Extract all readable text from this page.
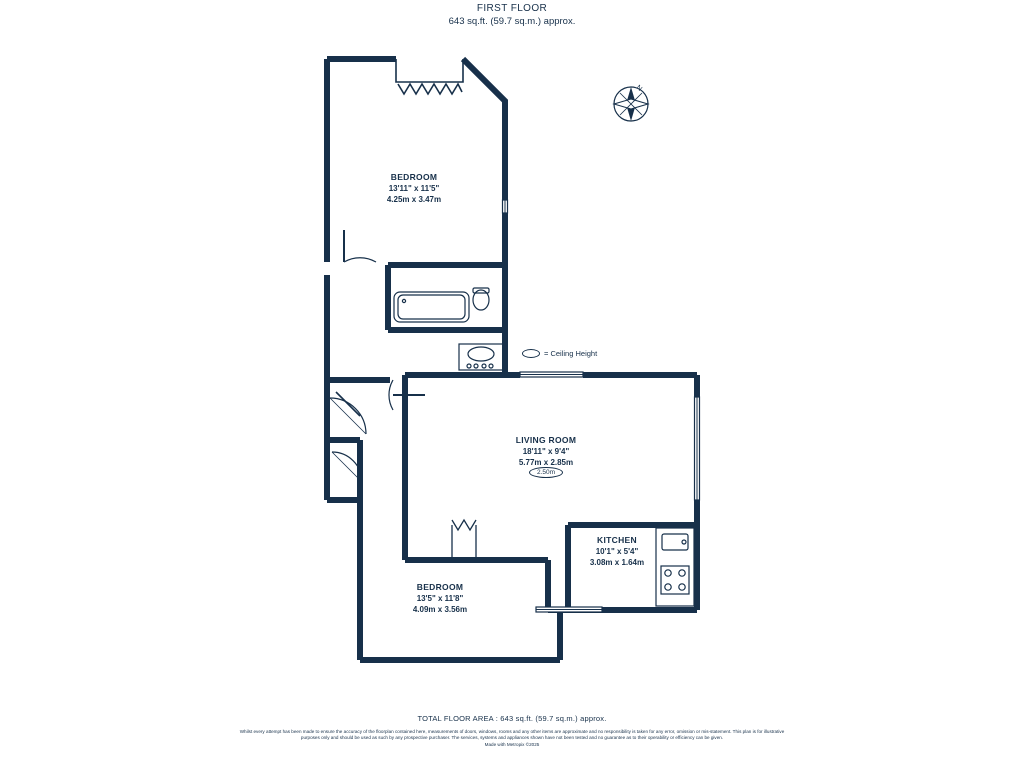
FIRST FLOOR
643 sq.ft. (59.7 sq.m.) approx.
N
BEDROOM
13'11" x 11'5"
4.25m x 3.47m
LIVING ROOM
18'11" x 9'4"
5.77m x 2.85m
KITCHEN
10'1" x 5'4"
3.08m x 1.64m
BEDROOM
13'5" x 11'8"
4.09m x 3.56m
2.50m
= Ceiling Height
TOTAL FLOOR AREA : 643 sq.ft. (59.7 sq.m.) approx.
Whilst every attempt has been made to ensure the accuracy of the floorplan contained here, measurements of doors, windows, rooms and any other items are approximate and no responsibility is taken for any error, omission or mis-statement. This plan is for illustrative purposes only and should be used as such by any prospective purchaser. The services, systems and appliances shown have not been tested and no guarantee as to their operability or efficiency can be given.
Made with Metropix ©2025
